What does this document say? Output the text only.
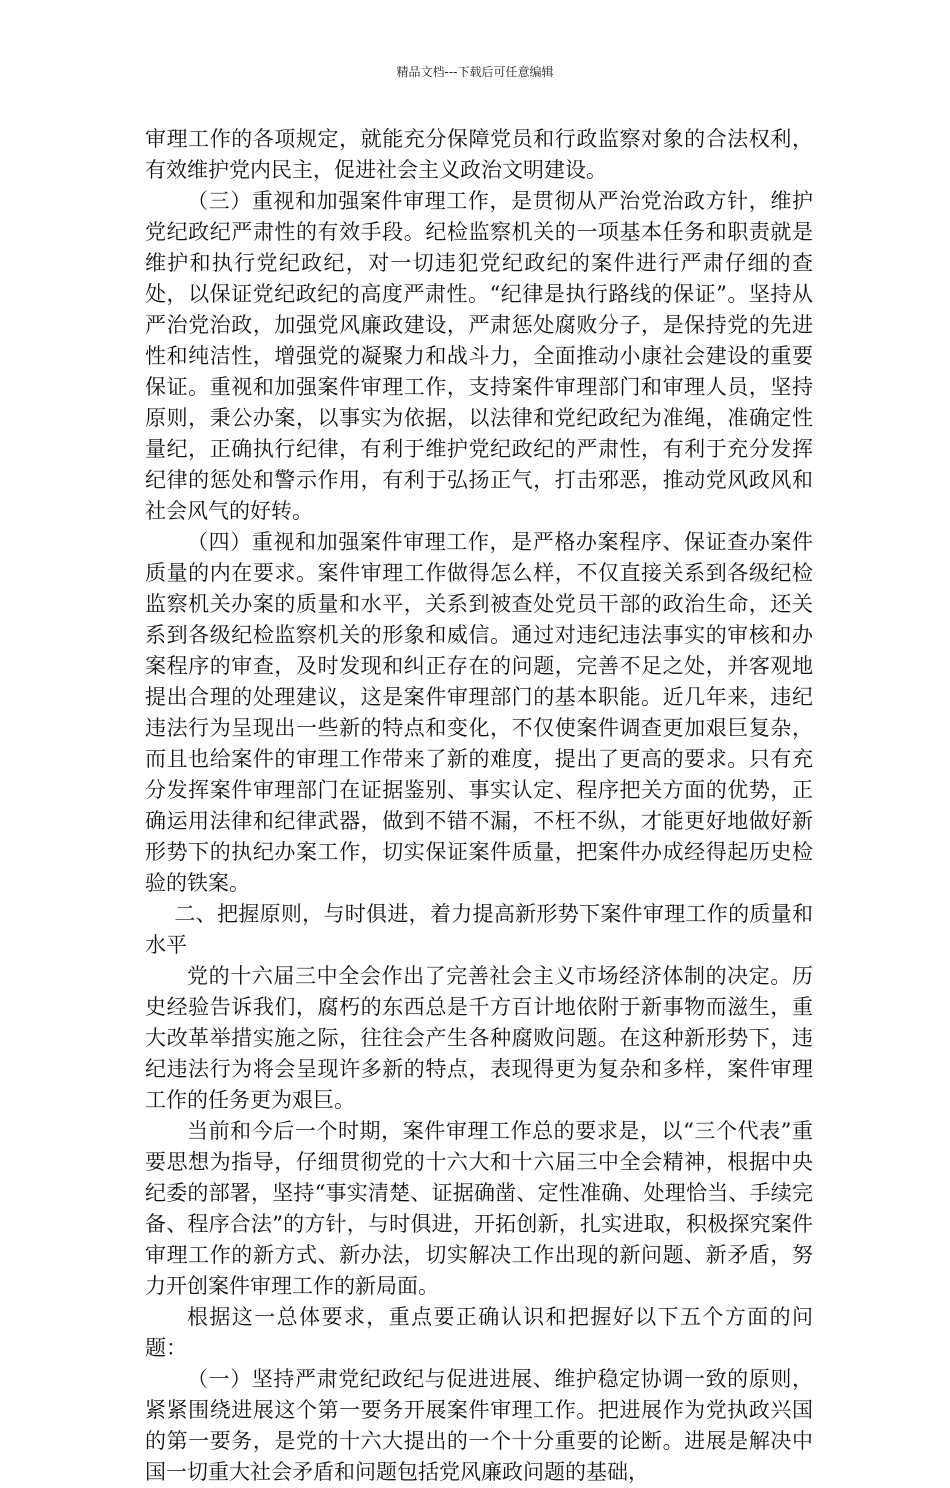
精品文档---下载后可任意编辑

审理工作的各项规定，就能充分保障党员和行政监察对象的合法权利，有效维护党内民主，促进社会主义政治文明建设。

（三）重视和加强案件审理工作，是贯彻从严治党治政方针，维护党纪政纪严肃性的有效手段。纪检监察机关的一项基本任务和职责就是维护和执行党纪政纪，对一切违犯党纪政纪的案件进行严肃仔细的查处，以保证党纪政纪的高度严肃性。“纪律是执行路线的保证”。坚持从严治党治政，加强党风廉政建设，严肃惩处腐败分子，是保持党的先进性和纯洁性，增强党的凝聚力和战斗力，全面推动小康社会建设的重要保证。重视和加强案件审理工作，支持案件审理部门和审理人员，坚持原则，秉公办案，以事实为依据，以法律和党纪政纪为准绳，准确定性量纪，正确执行纪律，有利于维护党纪政纪的严肃性，有利于充分发挥纪律的惩处和警示作用，有利于弘扬正气，打击邪恶，推动党风政风和社会风气的好转。

（四）重视和加强案件审理工作，是严格办案程序、保证查办案件质量的内在要求。案件审理工作做得怎么样，不仅直接关系到各级纪检监察机关办案的质量和水平，关系到被查处党员干部的政治生命，还关系到各级纪检监察机关的形象和威信。通过对违纪违法事实的审核和办案程序的审查，及时发现和纠正存在的问题，完善不足之处，并客观地提出合理的处理建议，这是案件审理部门的基本职能。近几年来，违纪违法行为呈现出一些新的特点和变化，不仅使案件调查更加艰巨复杂，而且也给案件的审理工作带来了新的难度，提出了更高的要求。只有充分发挥案件审理部门在证据鉴别、事实认定、程序把关方面的优势，正确运用法律和纪律武器，做到不错不漏，不枉不纵，才能更好地做好新形势下的执纪办案工作，切实保证案件质量，把案件办成经得起历史检验的铁案。

二、把握原则，与时俱进，着力提高新形势下案件审理工作的质量和水平

党的十六届三中全会作出了完善社会主义市场经济体制的决定。历史经验告诉我们，腐朽的东西总是千方百计地依附于新事物而滋生，重大改革举措实施之际，往往会产生各种腐败问题。在这种新形势下，违纪违法行为将会呈现许多新的特点，表现得更为复杂和多样，案件审理工作的任务更为艰巨。

当前和今后一个时期，案件审理工作总的要求是，以“三个代表”重要思想为指导，仔细贯彻党的十六大和十六届三中全会精神，根据中央纪委的部署，坚持“事实清楚、证据确凿、定性准确、处理恰当、手续完备、程序合法”的方针，与时俱进，开拓创新，扎实进取，积极探究案件审理工作的新方式、新办法，切实解决工作出现的新问题、新矛盾，努力开创案件审理工作的新局面。

根据这一总体要求，重点要正确认识和把握好以下五个方面的问题：

（一）坚持严肃党纪政纪与促进进展、维护稳定协调一致的原则，紧紧围绕进展这个第一要务开展案件审理工作。把进展作为党执政兴国的第一要务，是党的十六大提出的一个十分重要的论断。进展是解决中国一切重大社会矛盾和问题包括党风廉政问题的基础，
